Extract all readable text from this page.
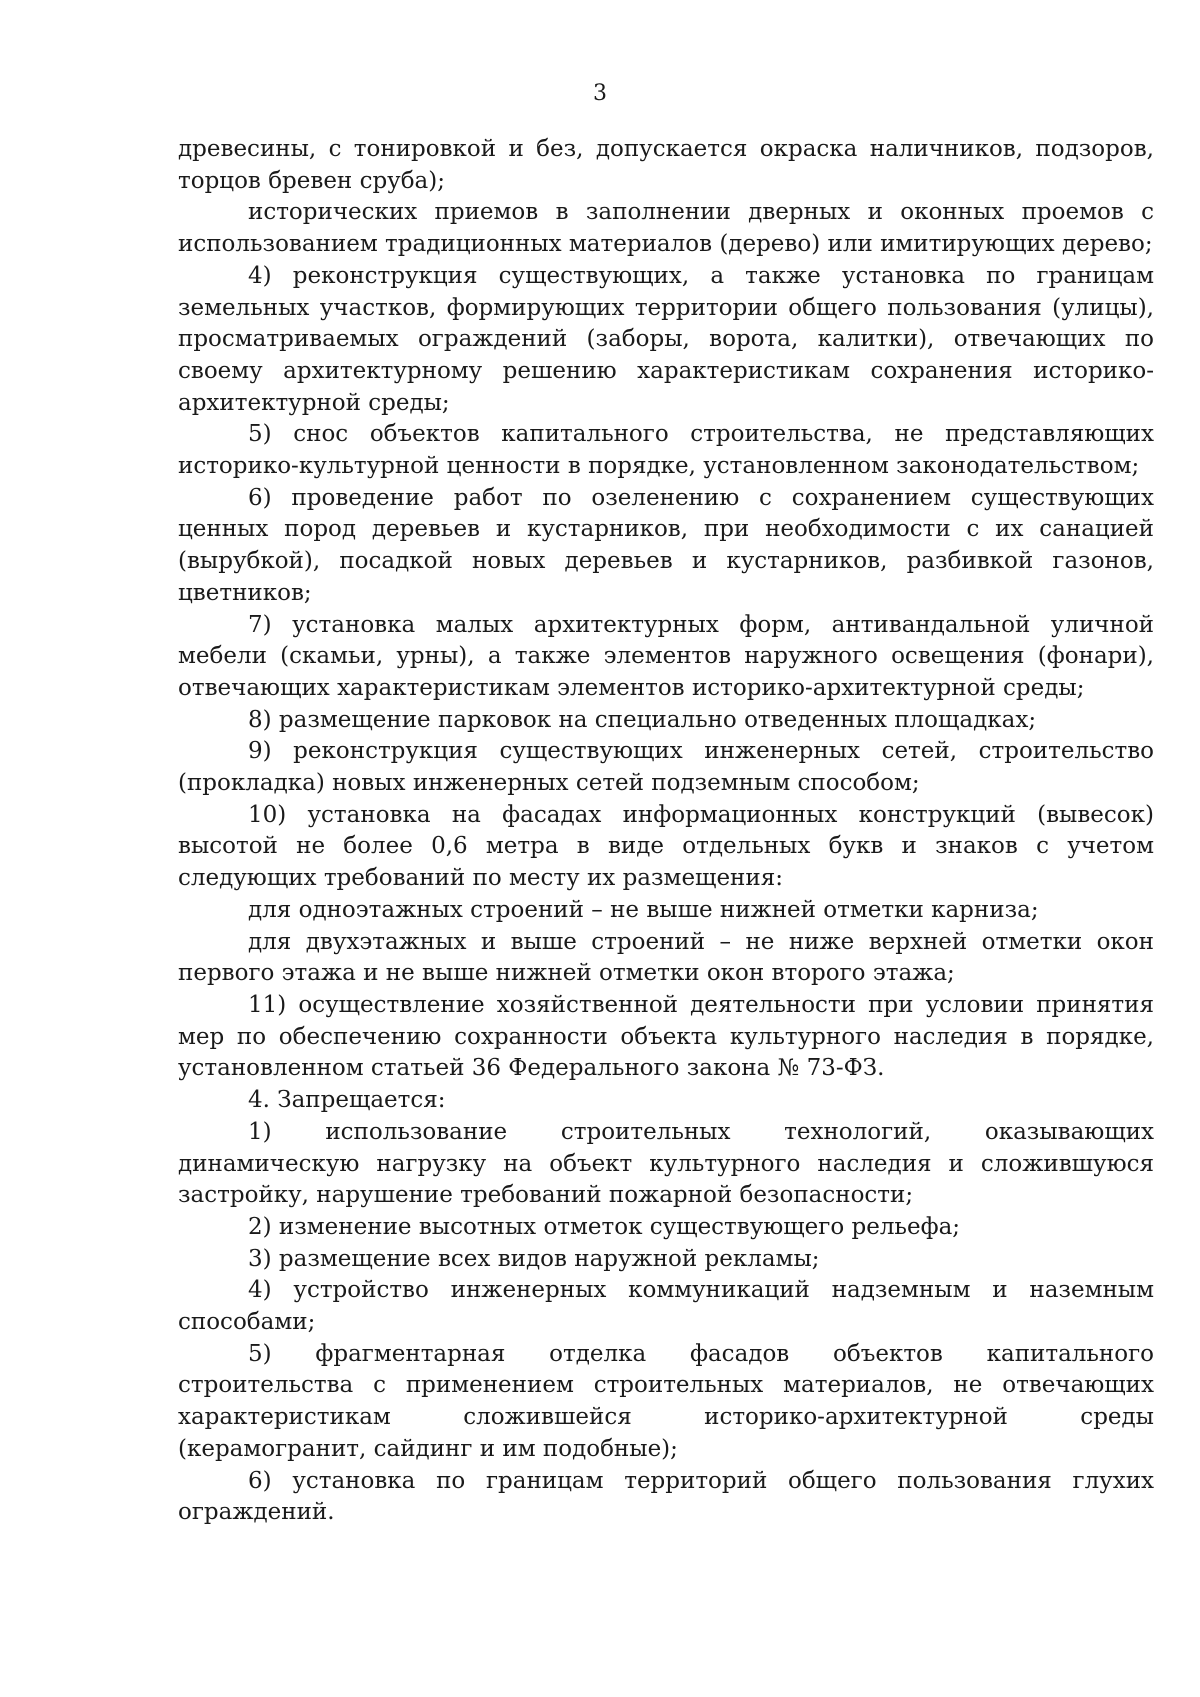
3

древесины, с тонировкой и без, допускается окраска наличников, подзоров, торцов бревен сруба);

исторических приемов в заполнении дверных и оконных проемов с использованием традиционных материалов (дерево) или имитирующих дерево;

4) реконструкция существующих, а также установка по границам земельных участков, формирующих территории общего пользования (улицы), просматриваемых ограждений (заборы, ворота, калитки), отвечающих по своему архитектурному решению характеристикам сохранения историко-архитектурной среды;

5) снос объектов капитального строительства, не представляющих историко-культурной ценности в порядке, установленном законодательством;

6) проведение работ по озеленению с сохранением существующих ценных пород деревьев и кустарников, при необходимости с их санацией (вырубкой), посадкой новых деревьев и кустарников, разбивкой газонов, цветников;

7) установка малых архитектурных форм, антивандальной уличной мебели (скамьи, урны), а также элементов наружного освещения (фонари), отвечающих характеристикам элементов историко-архитектурной среды;

8) размещение парковок на специально отведенных площадках;

9) реконструкция существующих инженерных сетей, строительство (прокладка) новых инженерных сетей подземным способом;

10) установка на фасадах информационных конструкций (вывесок) высотой не более 0,6 метра в виде отдельных букв и знаков с учетом следующих требований по месту их размещения:

для одноэтажных строений – не выше нижней отметки карниза;

для двухэтажных и выше строений – не ниже верхней отметки окон первого этажа и не выше нижней отметки окон второго этажа;

11) осуществление хозяйственной деятельности при условии принятия мер по обеспечению сохранности объекта культурного наследия в порядке, установленном статьей 36 Федерального закона № 73-ФЗ.

4. Запрещается:

1) использование строительных технологий, оказывающих динамическую нагрузку на объект культурного наследия и сложившуюся застройку, нарушение требований пожарной безопасности;

2) изменение высотных отметок существующего рельефа;

3) размещение всех видов наружной рекламы;

4) устройство инженерных коммуникаций надземным и наземным способами;

5) фрагментарная отделка фасадов объектов капитального строительства с применением строительных материалов, не отвечающих характеристикам сложившейся историко-архитектурной среды (керамогранит, сайдинг и им подобные);

6) установка по границам территорий общего пользования глухих ограждений.
